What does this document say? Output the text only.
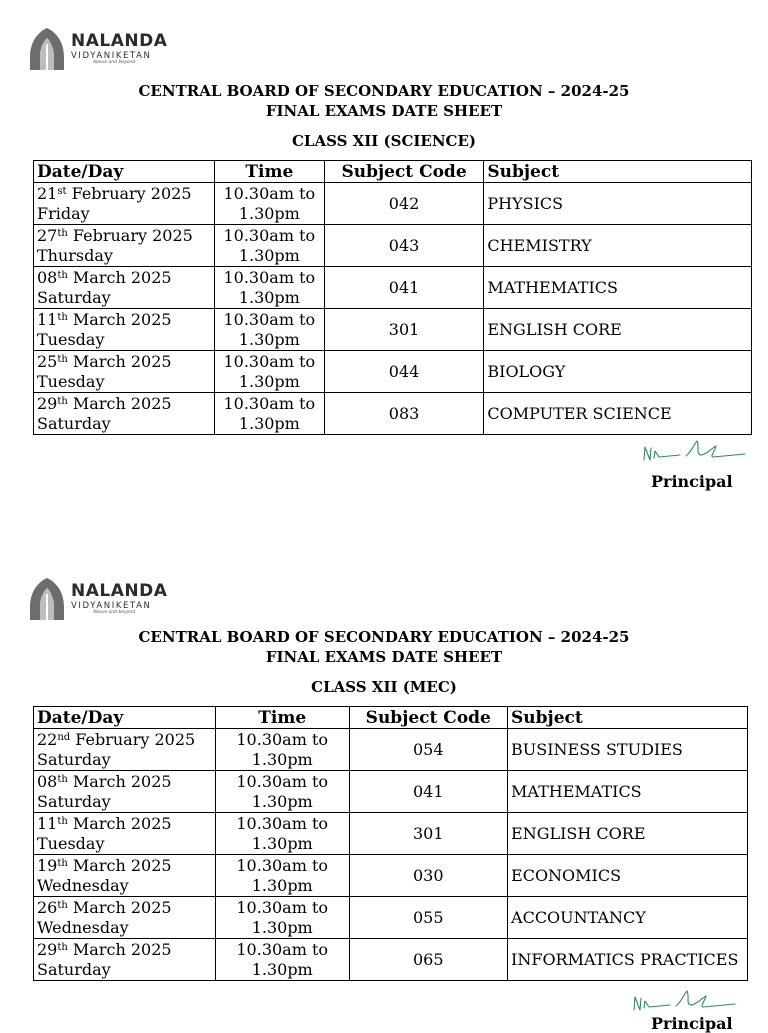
NALANDA
VIDYANIKETAN
Above and beyond
CENTRAL BOARD OF SECONDARY EDUCATION – 2024-25
FINAL EXAMS DATE SHEET
CLASS XII (SCIENCE)
Date/Day	Time	Subject Code	Subject
21st February 2025
Friday	10.30am to
1.30pm	042	PHYSICS
27th February 2025
Thursday	10.30am to
1.30pm	043	CHEMISTRY
08th March 2025
Saturday	10.30am to
1.30pm	041	MATHEMATICS
11th March 2025
Tuesday	10.30am to
1.30pm	301	ENGLISH CORE
25th March 2025
Tuesday	10.30am to
1.30pm	044	BIOLOGY
29th March 2025
Saturday	10.30am to
1.30pm	083	COMPUTER SCIENCE
Principal
NALANDA
VIDYANIKETAN
Above and beyond
CENTRAL BOARD OF SECONDARY EDUCATION – 2024-25
FINAL EXAMS DATE SHEET
CLASS XII (MEC)
Date/Day	Time	Subject Code	Subject
22nd February 2025
Saturday	10.30am to
1.30pm	054	BUSINESS STUDIES
08th March 2025
Saturday	10.30am to
1.30pm	041	MATHEMATICS
11th March 2025
Tuesday	10.30am to
1.30pm	301	ENGLISH CORE
19th March 2025
Wednesday	10.30am to
1.30pm	030	ECONOMICS
26th March 2025
Wednesday	10.30am to
1.30pm	055	ACCOUNTANCY
29th March 2025
Saturday	10.30am to
1.30pm	065	INFORMATICS PRACTICES
Principal
